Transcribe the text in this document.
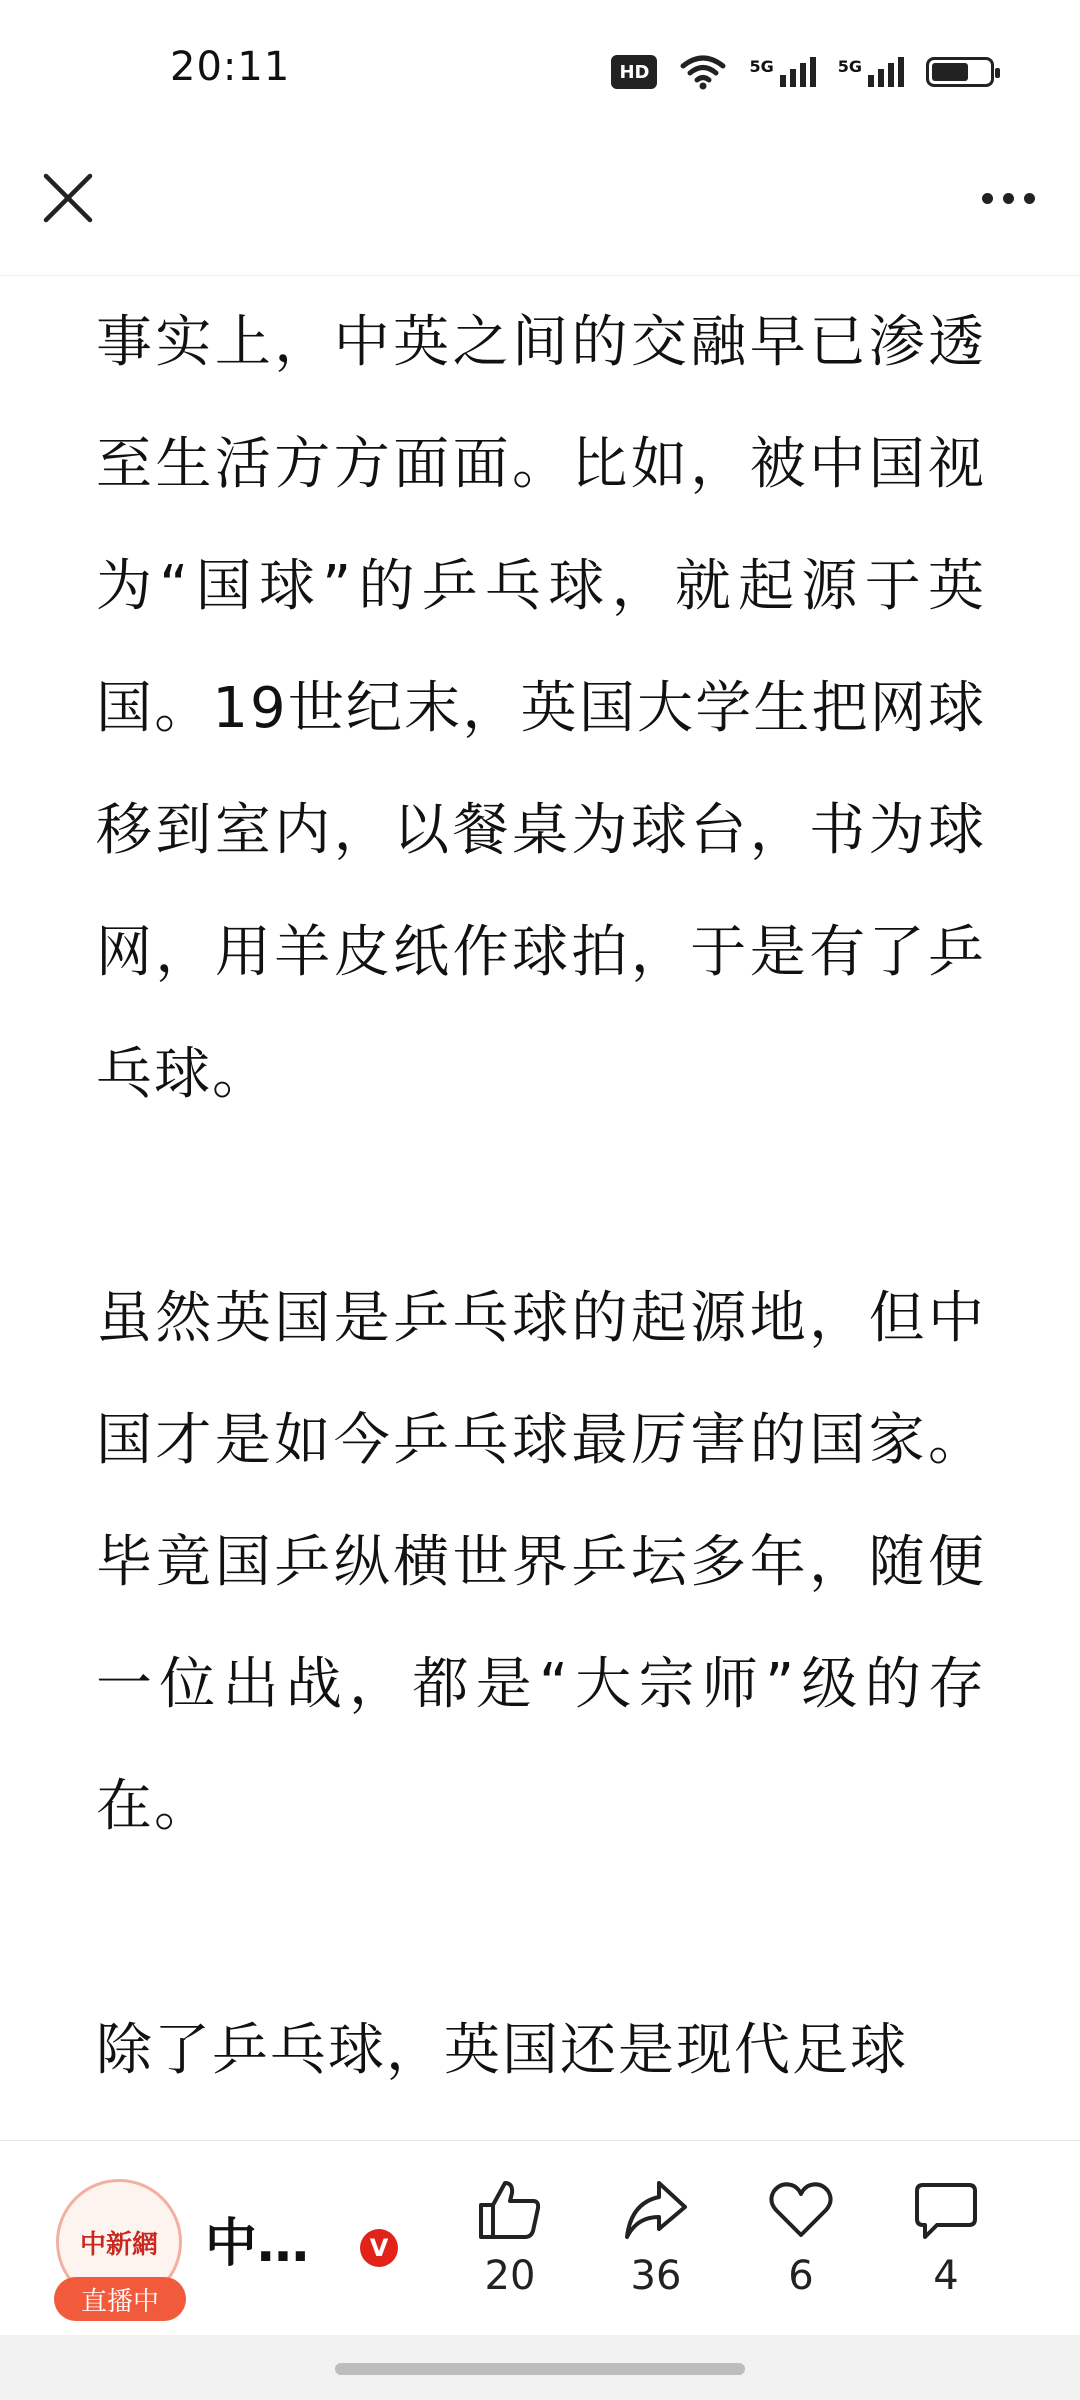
20:11	HD	5G	5G

事实上，中英之间的交融早已渗透至生活方方面面。比如，被中国视为“国球”的乒乓球，就起源于英国。19世纪末，英国大学生把网球移到室内，以餐桌为球台，书为球网，用羊皮纸作球拍，于是有了乒乓球。

虽然英国是乒乓球的起源地，但中国才是如今乒乓球最厉害的国家。毕竟国乒纵横世界乒坛多年，随便一位出战，都是“大宗师”级的存在。

除了乒乓球，英国还是现代足球

中新網
直播中
中…	V
20	36	6	4
